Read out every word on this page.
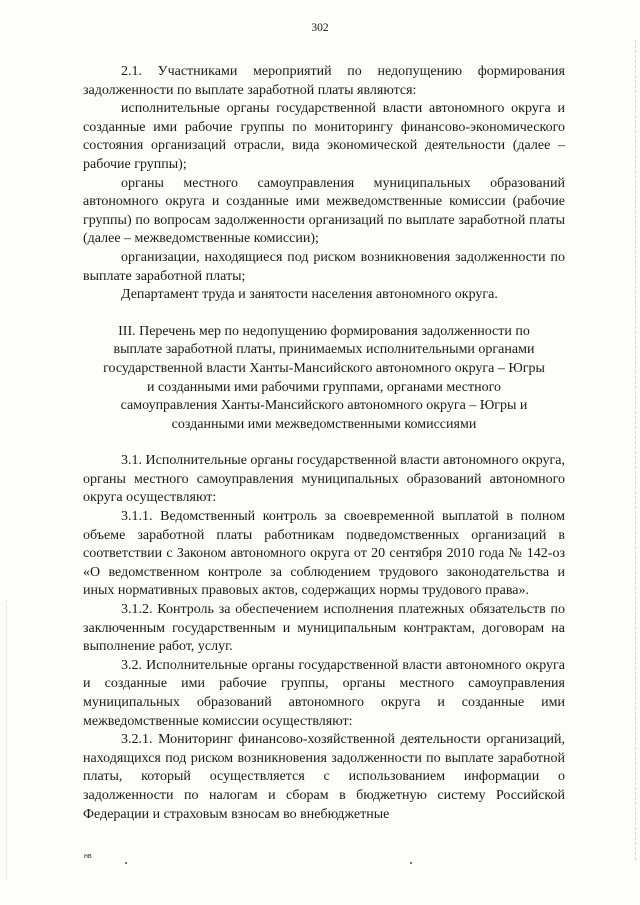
302

2.1. Участниками мероприятий по недопущению формирования задолженности по выплате заработной платы являются:

исполнительные органы государственной власти автономного округа и созданные ими рабочие группы по мониторингу финансово-экономического состояния организаций отрасли, вида экономической деятельности (далее – рабочие группы);

органы местного самоуправления муниципальных образований автономного округа и созданные ими межведомственные комиссии (рабочие группы) по вопросам задолженности организаций по выплате заработной платы (далее – межведомственные комиссии);

организации, находящиеся под риском возникновения задолженности по выплате заработной платы;

Департамент труда и занятости населения автономного округа.

III. Перечень мер по недопущению формирования задолженности по выплате заработной платы, принимаемых исполнительными органами государственной власти Ханты-Мансийского автономного округа – Югры и созданными ими рабочими группами, органами местного самоуправления Ханты-Мансийского автономного округа – Югры и созданными ими межведомственными комиссиями

3.1. Исполнительные органы государственной власти автономного округа, органы местного самоуправления муниципальных образований автономного округа осуществляют:

3.1.1. Ведомственный контроль за своевременной выплатой в полном объеме заработной платы работникам подведомственных организаций в соответствии с Законом автономного округа от 20 сентября 2010 года № 142-оз «О ведомственном контроле за соблюдением трудового законодательства и иных нормативных правовых актов, содержащих нормы трудового права».

3.1.2. Контроль за обеспечением исполнения платежных обязательств по заключенным государственным и муниципальным контрактам, договорам на выполнение работ, услуг.

3.2. Исполнительные органы государственной власти автономного округа и созданные ими рабочие группы, органы местного самоуправления муниципальных образований автономного округа и созданные ими межведомственные комиссии осуществляют:

3.2.1. Мониторинг финансово-хозяйственной деятельности организаций, находящихся под риском возникновения задолженности по выплате заработной платы, который осуществляется с использованием информации о задолженности по налогам и сборам в бюджетную систему Российской Федерации и страховым взносам во внебюджетные

нв
